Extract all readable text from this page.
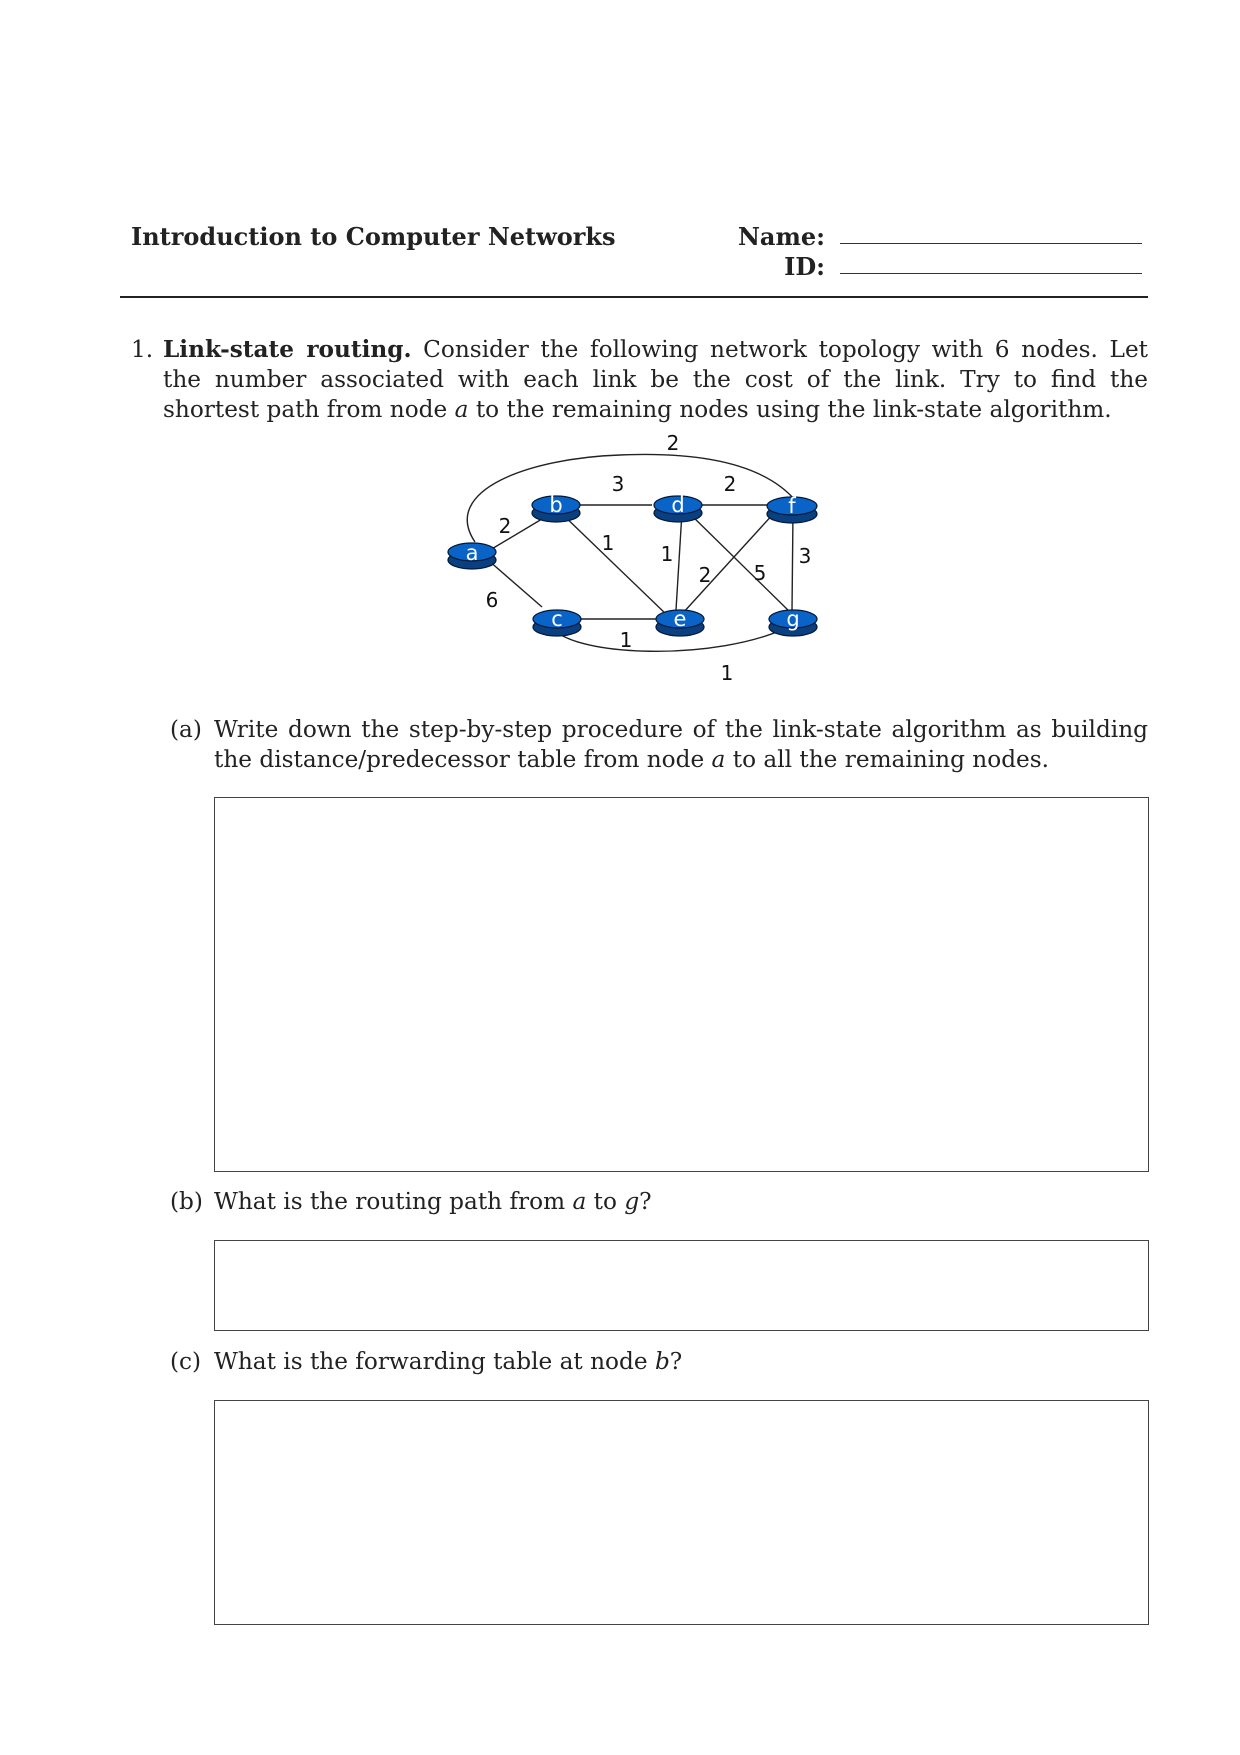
Introduction to Computer Networks	Name:
ID:
1. Link-state routing. Consider the following network topology with 6 nodes. Let the number associated with each link be the cost of the link. Try to find the shortest path from node a to the remaining nodes using the link-state algorithm.
a
b
c
d
e
f
g
2
6
2
3
1
2
1
5
2
1
1
3
(a) Write down the step-by-step procedure of the link-state algorithm as building the distance/predecessor table from node a to all the remaining nodes.
(b) What is the routing path from a to g?
(c) What is the forwarding table at node b?
